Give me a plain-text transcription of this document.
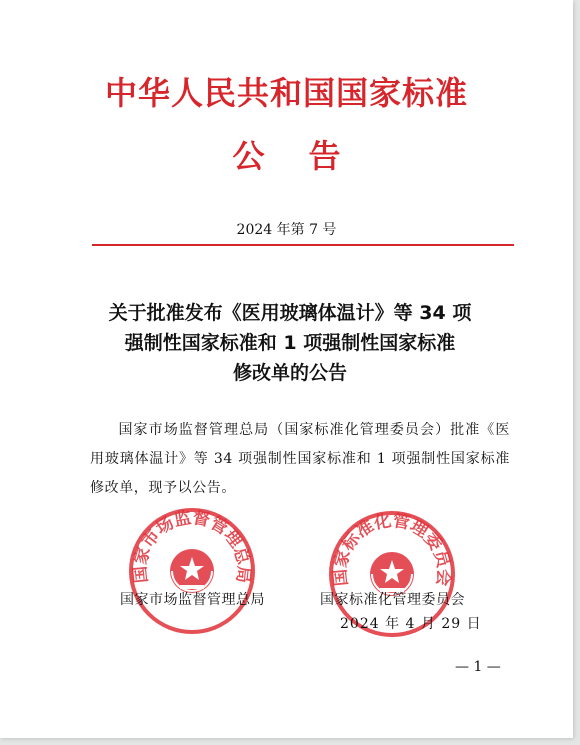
中华人民共和国国家标准
公告
2024 年第 7 号
关于批准发布《医用玻璃体温计》等 34 项
强制性国家标准和 1 项强制性国家标准
修改单的公告
国家市场监督管理总局（国家标准化管理委员会）批准《医用玻璃体温计》等 34 项强制性国家标准和 1 项强制性国家标准修改单，现予以公告。
国家市场监督管理总局	国家标准化管理委员会
国家市场监督管理总局	国家标准化管理委员会
2024 年 4 月 29 日
— 1 —
